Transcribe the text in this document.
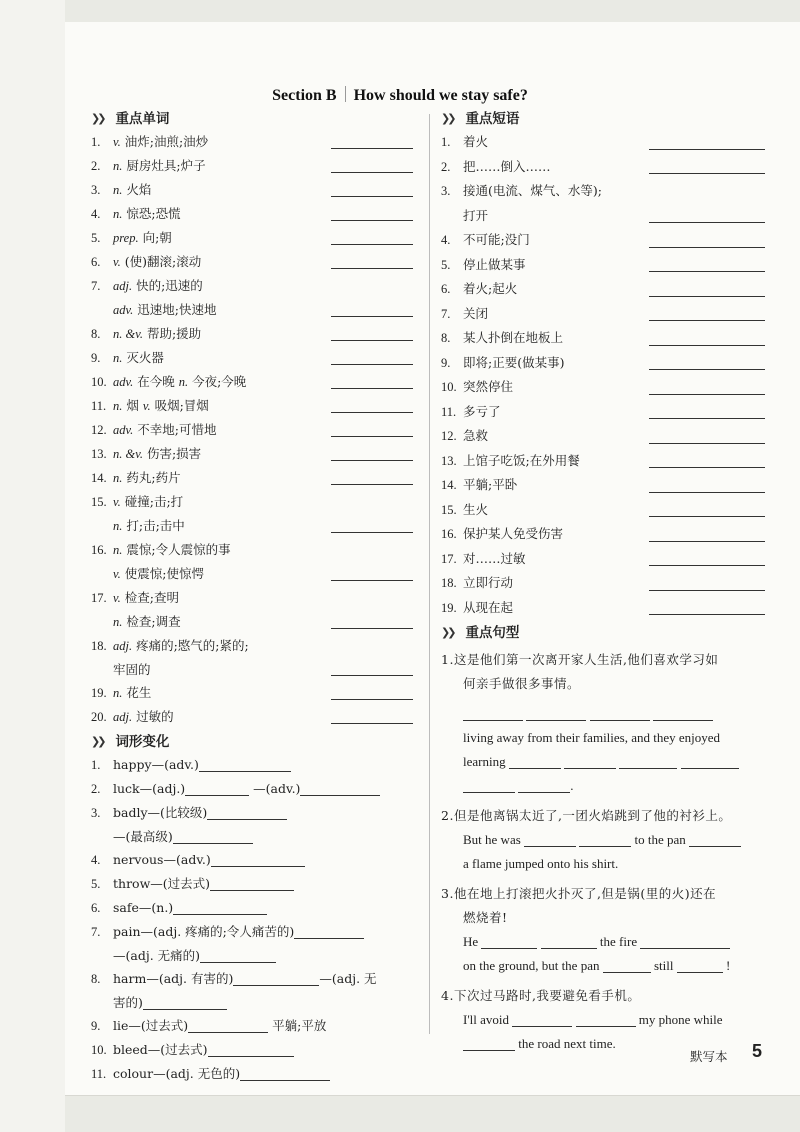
Section B How should we stay safe?
❯❯ 重点单词
1. v. 油炸;油煎;油炒
2. n. 厨房灶具;炉子
3. n. 火焰
4. n. 惊恐;恐慌
5. prep. 向;朝
6. v. (使)翻滚;滚动
7. adj. 快的;迅速的
adv. 迅速地;快速地
8. n. &v. 帮助;援助
9. n. 灭火器
10. adv. 在今晚 n. 今夜;今晚
11. n. 烟 v. 吸烟;冒烟
12. adv. 不幸地;可惜地
13. n. &v. 伤害;损害
14. n. 药丸;药片
15. v. 碰撞;击;打
n. 打;击;击中
16. n. 震惊;令人震惊的事
v. 使震惊;使惊愕
17. v. 检查;查明
n. 检查;调查
18. adj. 疼痛的;愍气的;紧的;
牢固的
19. n. 花生
20. adj. 过敏的
❯❯ 词形变化
1. happy—(adv.)
2. luck—(adj.)	—(adv.)
3. badly—(比较级)
—(最高级)
4. nervous—(adv.)
5. throw—(过去式)
6. safe—(n.)
7. pain—(adj. 疼痛的;令人痛苦的)
—(adj. 无痛的)
8. harm—(adj. 有害的)	—(adj. 无
害的)
9. lie—(过去式)	平躺;平放
10. bleed—(过去式)
11. colour—(adj. 无色的)
❯❯ 重点短语
1. 着火
2. 把……倒入……
3. 接通(电流、煤气、水等);
打开
4. 不可能;没门
5. 停止做某事
6. 着火;起火
7. 关闭
8. 某人扑倒在地板上
9. 即将;正要(做某事)
10. 突然停住
11. 多亏了
12. 急救
13. 上馆子吃饭;在外用餐
14. 平躺;平卧
15. 生火
16. 保护某人免受伤害
17. 对……过敏
18. 立即行动
19. 从现在起
❯❯ 重点句型
1.这是他们第一次离开家人生活,他们喜欢学习如
何亲手做很多事情。

living away from their families, and they enjoyed
learning
.
2.但是他离锅太近了,一团火焰跳到了他的衬衫上。
But he was	to the pan
a flame jumped onto his shirt.
3.他在地上打滚把火扑灭了,但是锅(里的火)还在
燃烧着!
He	the fire
on the ground, but the pan	still	!
4.下次过马路时,我要避免看手机。
I'll avoid	my phone while
the road next time.
默写本 5
